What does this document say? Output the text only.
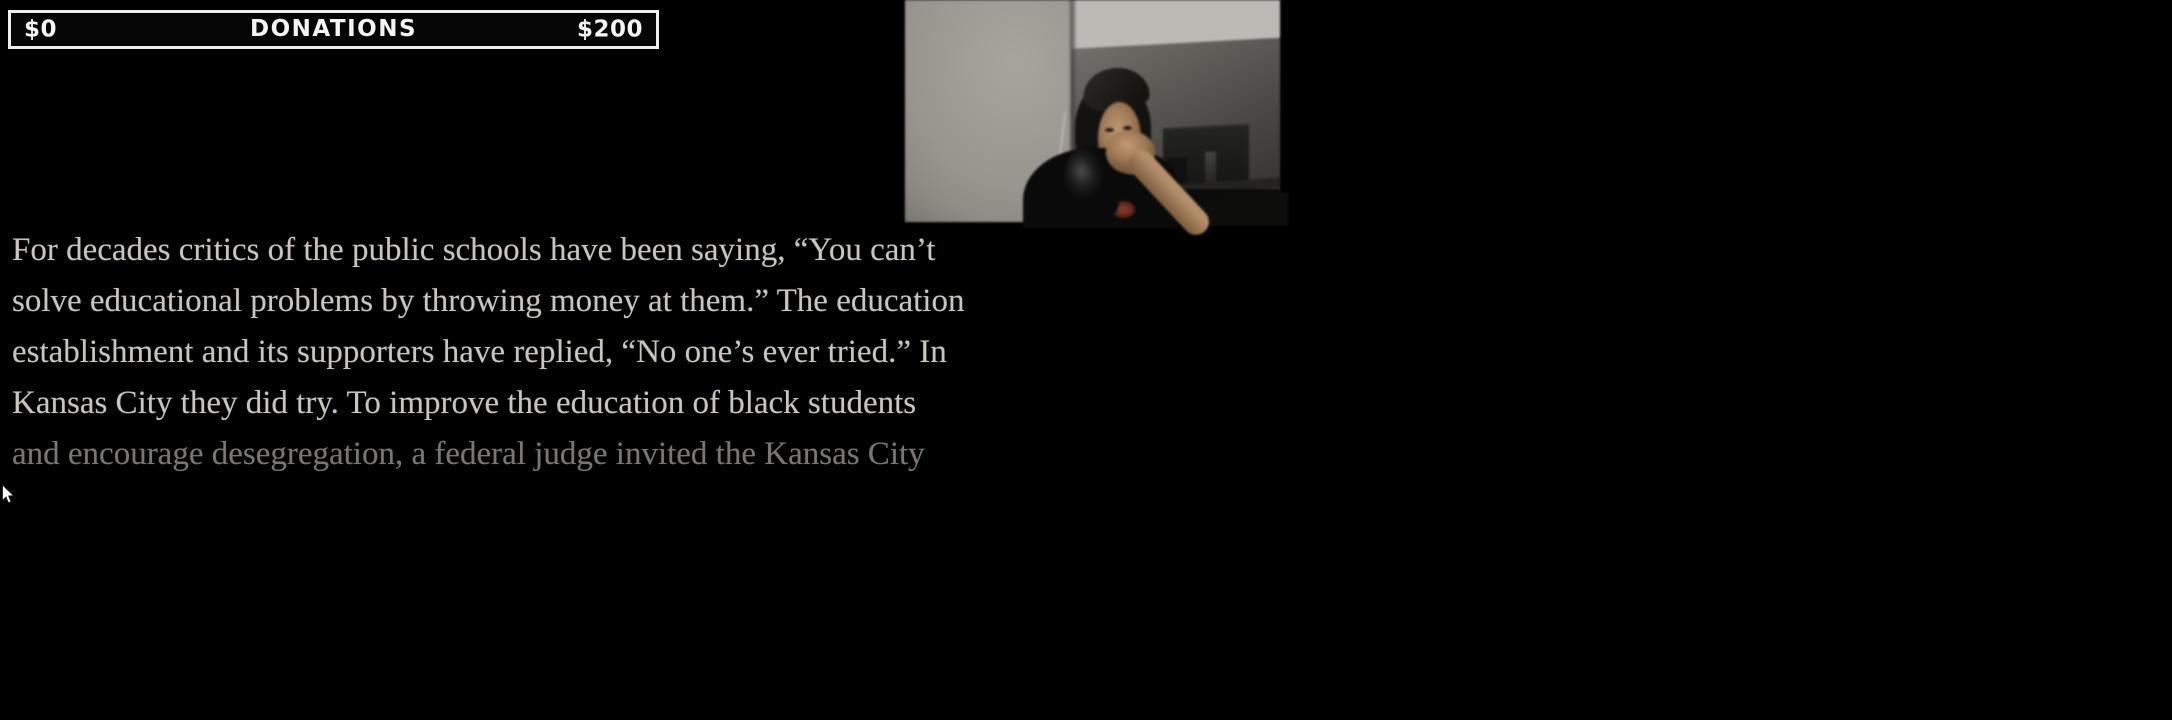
$0	DONATIONS	$200
For decades critics of the public schools have been saying, “You can’t
solve educational problems by throwing money at them.” The education
establishment and its supporters have replied, “No one’s ever tried.” In
Kansas City they did try. To improve the education of black students
and encourage desegregation, a federal judge invited the Kansas City
